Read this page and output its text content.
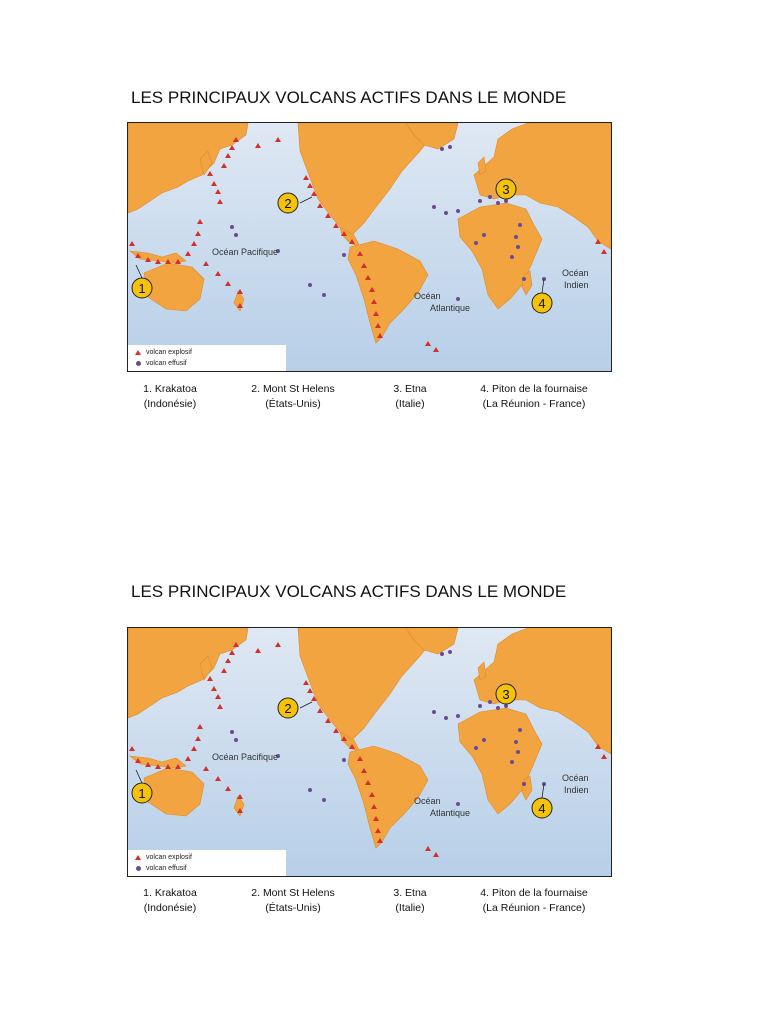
LES PRINCIPAUX VOLCANS ACTIFS DANS LE MONDE
2
3
1
4
Océan Pacifique
Océan
Atlantique
Océan
Indien
volcan explosif
volcan effusif
1. Krakatoa
(Indonésie)
2. Mont St Helens
(États-Unis)
3. Etna
(Italie)
4. Piton de la fournaise
(La Réunion - France)
LES PRINCIPAUX VOLCANS ACTIFS DANS LE MONDE
2
3
1
4
Océan Pacifique
Océan
Atlantique
Océan
Indien
volcan explosif
volcan effusif
1. Krakatoa
(Indonésie)
2. Mont St Helens
(États-Unis)
3. Etna
(Italie)
4. Piton de la fournaise
(La Réunion - France)
